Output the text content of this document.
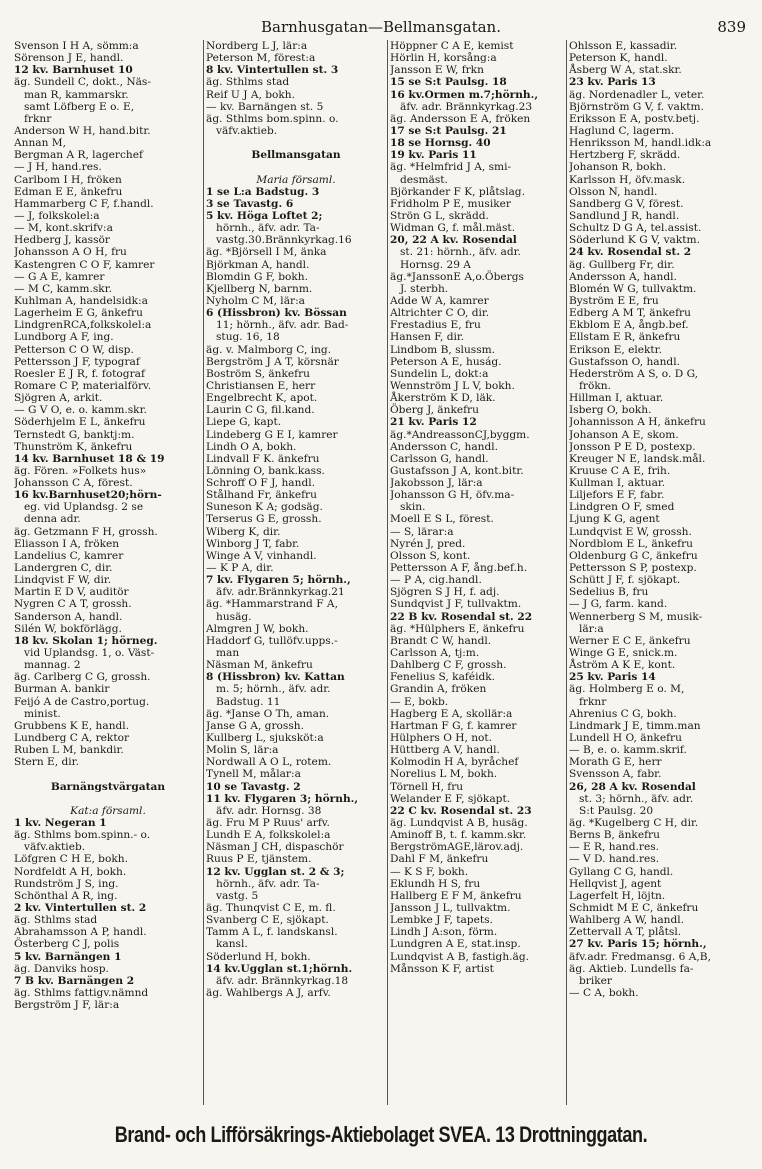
Barnhusgatan—Bellmansgatan.	839
Svenson I H A, sömm:a
Sörenson J E, handl.
12 kv. Barnhuset 10
äg. Sundell C, dokt., Näs-
man R, kammarskr.
samt Löfberg E o. E,
frknr
Anderson W H, hand.bitr.
Annan M,
Bergman A R, lagerchef
— J H, hand.res.
Carlbom I H, fröken
Edman E E, änkefru
Hammarberg C F, f.handl.
— J, folkskolel:a
— M, kont.skrifv:a
Hedberg J, kassör
Johansson A O H, fru
Kastengren C O F, kamrer
— G A E, kamrer
— M C, kamm.skr.
Kuhlman A, handelsidk:a
Lagerheim E G, änkefru
LindgrenRCA,folkskolel:a
Lundborg A F, ing.
Petterson C O W, disp.
Pettersson J F, typograf
Roesler E J R, f. fotograf
Romare C P, materialförv.
Sjögren A, arkit.
— G V O, e. o. kamm.skr.
Söderhjelm E L, änkefru
Ternstedt G, banktj:m.
Thunström K, änkefru
14 kv. Barnhuset 18 & 19
äg. Fören. »Folkets hus»
Johansson C A, förest.
16 kv.Barnhuset20;hörn-
eg. vid Uplandsg. 2 se
denna adr.
äg. Getzmann F H, grossh.
Eliasson I A, fröken
Landelius C, kamrer
Landergren C, dir.
Lindqvist F W, dir.
Martin E D V, auditör
Nygren C A T, grossh.
Sanderson A, handl.
Silén W, bokförlägg.
18 kv. Skolan 1; hörneg.
vid Uplandsg. 1, o. Väst-
mannag. 2
äg. Carlberg C G, grossh.
Burman A. bankir
Feijó A de Castro,portug.
minist.
Grubbens K E, handl.
Lundberg C A, rektor
Ruben L M, bankdir.
Stern E, dir.
Barnängstvärgatan
Kat:a församl.
1 kv. Negeran 1
äg. Sthlms bom.spinn.- o.
väfv.aktieb.
Löfgren C H E, bokh.
Nordfeldt A H, bokh.
Rundström J S, ing.
Schönthal A R, ing.
2 kv. Vintertullen st. 2
äg. Sthlms stad
Abrahamsson A P, handl.
Österberg C J, polis
5 kv. Barnängen 1
äg. Danviks hosp.
7 B kv. Barnängen 2
äg. Sthlms fattigv.nämnd
Bergström J F, lär:a
Nordberg L J, lär:a
Peterson M, förest:a
8 kv. Vintertullen st. 3
äg. Sthlms stad
Reif U J A, bokh.
— kv. Barnängen st. 5
äg. Sthlms bom.spinn. o.
väfv.aktieb.
Bellmansgatan
Maria församl.
1 se L:a Badstug. 3
3 se Tavastg. 6
5 kv. Höga Loftet 2;
hörnh., äfv. adr. Ta-
vastg.30.Brännkyrkag.16
äg. *Björsell I M, änka
Björkman A, handl.
Blomdin G F, bokh.
Kjellberg N, barnm.
Nyholm C M, lär:a
6 (Hissbron) kv. Bössan
11; hörnh., äfv. adr. Bad-
stug. 16, 18
äg. v. Malmborg C, ing.
Bergström J A T, körsnär
Boström S, änkefru
Christiansen E, herr
Engelbrecht K, apot.
Laurin C G, fil.kand.
Liepe G, kapt.
Lindeberg G E I, kamrer
Lindh O A, bokh.
Lindvall F K. änkefru
Lönning O, bank.kass.
Schroff O F J, handl.
Stålhand Fr, änkefru
Suneson K A; godsäg.
Terserus G E, grossh.
Wiberg K, dir.
Winborg J T, fabr.
Winge A V, vinhandl.
— K P A, dir.
7 kv. Flygaren 5; hörnh.,
äfv. adr.Brännkyrkag.21
äg. *Hammarstrand F A,
husäg.
Almgren J W, bokh.
Haddorf G, tullöfv.upps.-
man
Näsman M, änkefru
8 (Hissbron) kv. Kattan
m. 5; hörnh., äfv. adr.
Badstug. 11
äg. *Janse O Th, aman.
Janse G A, grossh.
Kullberg L, sjuksköt:a
Molin S, lär:a
Nordwall A O L, rotem.
Tynell M, målar:a
10 se Tavastg. 2
11 kv. Flygaren 3; hörnh.,
äfv. adr. Hornsg. 38
äg. Fru M P Ruus' arfv.
Lundh E A, folkskolel:a
Näsman J CH, dispaschör
Ruus P E, tjänstem.
12 kv. Ugglan st. 2 & 3;
hörnh., äfv. adr. Ta-
vastg. 5
äg. Thunqvist C E, m. fl.
Svanberg C E, sjökapt.
Tamm A L, f. landskansl.
kansl.
Söderlund H, bokh.
14 kv.Ugglan st.1;hörnh.
äfv. adr. Brännkyrkag.18
äg. Wahlbergs A J, arfv.
Höppner C A E, kemist
Hörlin H, korsång:a
Jansson E W, frkn
15 se S:t Paulsg. 18
16 kv.Ormen m.7;hörnh.,
äfv. adr. Brännkyrkag.23
äg. Andersson E A, fröken
17 se S:t Paulsg. 21
18 se Hornsg. 40
19 kv. Paris 11
äg. *Helmfrid J A, smi-
desmäst.
Björkander F K, plåtslag.
Fridholm P E, musiker
Strön G L, skrädd.
Widman G, f. mål.mäst.
20, 22 A kv. Rosendal
st. 21: hörnh., äfv. adr.
Hornsg. 29 A
äg.*JanssonE A,o.Öbergs
J. sterbh.
Adde W A, kamrer
Altrichter C O, dir.
Frestadius E, fru
Hansen F, dir.
Lindbom B, slussm.
Peterson A E, huság.
Sundelin L, dokt:a
Wennström J L V, bokh.
Åkerström K D, läk.
Öberg J, änkefru
21 kv. Paris 12
äg.*AndreassonCJ,byggm.
Andersson C, handl.
Carlsson G, handl.
Gustafsson J A, kont.bitr.
Jakobsson J, lär:a
Johansson G H, öfv.ma-
skin.
Moell E S L, förest.
— S, lärar:a
Nyrén J, pred.
Olsson S, kont.
Pettersson A F, ång.bef.h.
— P A, cig.handl.
Sjögren S J H, f. adj.
Sundqvist J F, tullvaktm.
22 B kv. Rosendal st. 22
äg. *Hülphers E, änkefru
Brandt C W, handl.
Carlsson A, tj:m.
Dahlberg C F, grossh.
Fenelius S, kaféidk.
Grandin A, fröken
— E, bokb.
Hagberg E A, skollär:a
Hartman F G, f. kamrer
Hülphers O H, not.
Hüttberg A V, handl.
Kolmodin H A, byråchef
Norelius L M, bokh.
Törnell H, fru
Welander E F, sjökapt.
22 C kv. Rosendal st. 23
äg. Lundqvist A B, husäg.
Aminoff B, t. f. kamm.skr.
BergströmAGE,lärov.adj.
Dahl F M, änkefru
— K S F, bokh.
Eklundh H S, fru
Hallberg E F M, änkefru
Jansson J L, tullvaktm.
Lembke J F, tapets.
Lindh J A:son, förm.
Lundgren A E, stat.insp.
Lundqvist A B, fastigh.äg.
Månsson K F, artist
Ohlsson E, kassadir.
Peterson K, handl.
Åsberg W A, stat.skr.
23 kv. Paris 13
äg. Nordenadler L, veter.
Björnström G V, f. vaktm.
Eriksson E A, postv.betj.
Haglund C, lagerm.
Henriksson M, handl.idk:a
Hertzberg F, skrädd.
Johanson R, bokh.
Karlsson H, öfv.mask.
Olsson N, handl.
Sandberg G V, förest.
Sandlund J R, handl.
Schultz D G A, tel.assist.
Söderlund K G V, vaktm.
24 kv. Rosendal st. 2
äg. Gullberg Fr, dir.
Andersson A, handl.
Blomén W G, tullvaktm.
Byström E E, fru
Edberg A M T, änkefru
Ekblom E A, ångb.bef.
Ellstam E R, änkefru
Erikson E, elektr.
Gustafsson O, handl.
Hederström A S, o. D G,
frökn.
Hillman I, aktuar.
Isberg O, bokh.
Johannisson A H, änkefru
Johanson A E, skom.
Jonsson P E D, postexp.
Kreuger N E, landsk.mål.
Kruuse C A E, frih.
Kullman I, aktuar.
Liljefors E F, fabr.
Lindgren O F, smed
Ljung K G, agent
Lundqvist E W, grossh.
Nordblom E L, änkefru
Oldenburg G C, änkefru
Pettersson S P, postexp.
Schütt J F, f. sjökapt.
Sedelius B, fru
— J G, farm. kand.
Wennerberg S M, musik-
lär:a
Werner E C E, änkefru
Winge G E, snick.m.
Åström A K E, kont.
25 kv. Paris 14
äg. Holmberg E o. M,
frknr
Ahrenius C G, bokh.
Lindmark J E, timm.man
Lundell H O, änkefru
— B, e. o. kamm.skrif.
Morath G E, herr
Svensson A, fabr.
26, 28 A kv. Rosendal
st. 3; hörnh., äfv. adr.
S:t Paulsg. 20
äg. *Kugelberg C H, dir.
Berns B, änkefru
— E R, hand.res.
— V D. hand.res.
Gyllang C G, handl.
Hellqvist J, agent
Lagerfelt H, löjtn.
Schmidt M E C, änkefru
Wahlberg A W, handl.
Zettervall A T, plåtsl.
27 kv. Paris 15; hörnh.,
äfv.adr. Fredmansg. 6 A,B,
äg. Aktieb. Lundells fa-
briker
— C A, bokh.
Brand- och Lifförsäkrings-Aktiebolaget SVEA. 13 Drottninggatan.
